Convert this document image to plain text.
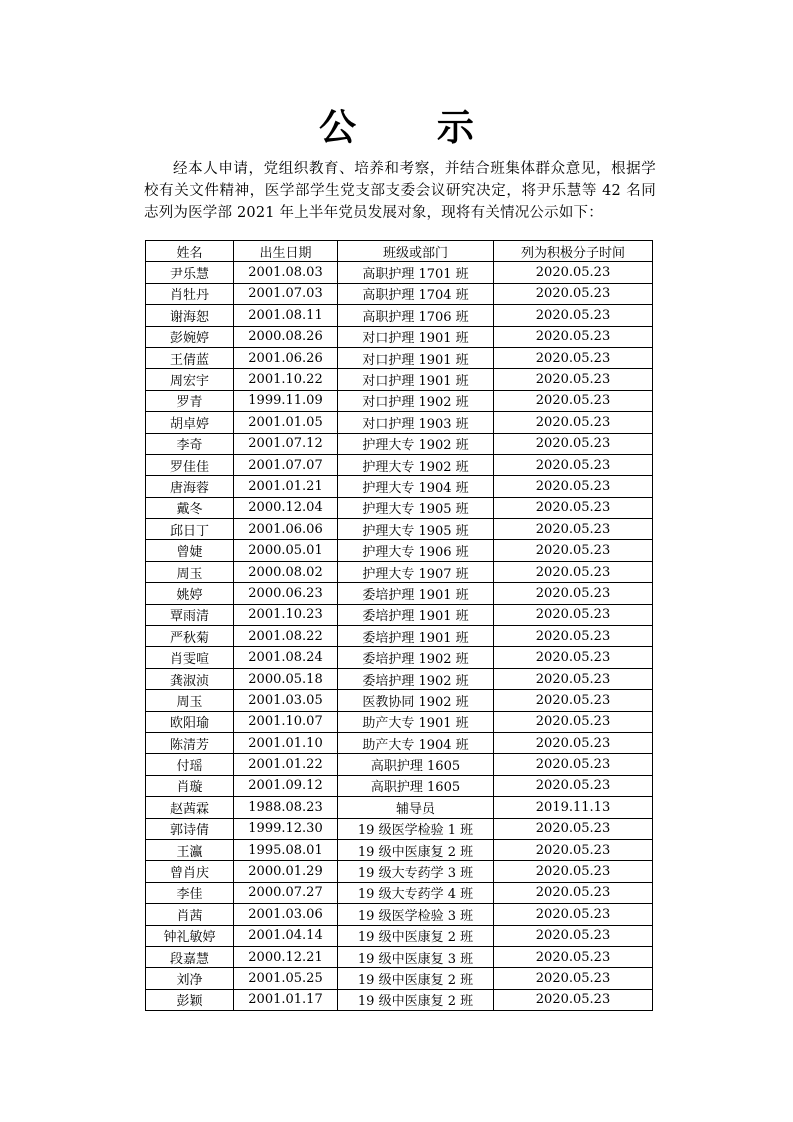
公 示
经本人申请，党组织教育、培养和考察，并结合班集体群众意见，根据学校有关文件精神，医学部学生党支部支委会议研究决定，将尹乐慧等 42 名同志列为医学部 2021 年上半年党员发展对象，现将有关情况公示如下：
姓名	出生日期	班级或部门	列为积极分子时间
尹乐慧	2001.08.03	高职护理 1701 班	2020.05.23
肖牡丹	2001.07.03	高职护理 1704 班	2020.05.23
谢海恕	2001.08.11	高职护理 1706 班	2020.05.23
彭婉婷	2000.08.26	对口护理 1901 班	2020.05.23
王倩蓝	2001.06.26	对口护理 1901 班	2020.05.23
周宏宇	2001.10.22	对口护理 1901 班	2020.05.23
罗青	1999.11.09	对口护理 1902 班	2020.05.23
胡卓婷	2001.01.05	对口护理 1903 班	2020.05.23
李奇	2001.07.12	护理大专 1902 班	2020.05.23
罗佳佳	2001.07.07	护理大专 1902 班	2020.05.23
唐海蓉	2001.01.21	护理大专 1904 班	2020.05.23
戴冬	2000.12.04	护理大专 1905 班	2020.05.23
邱日丁	2001.06.06	护理大专 1905 班	2020.05.23
曾婕	2000.05.01	护理大专 1906 班	2020.05.23
周玉	2000.08.02	护理大专 1907 班	2020.05.23
姚婷	2000.06.23	委培护理 1901 班	2020.05.23
覃雨清	2001.10.23	委培护理 1901 班	2020.05.23
严秋菊	2001.08.22	委培护理 1901 班	2020.05.23
肖雯喧	2001.08.24	委培护理 1902 班	2020.05.23
龚淑浈	2000.05.18	委培护理 1902 班	2020.05.23
周玉	2001.03.05	医教协同 1902 班	2020.05.23
欧阳瑜	2001.10.07	助产大专 1901 班	2020.05.23
陈清芳	2001.01.10	助产大专 1904 班	2020.05.23
付瑶	2001.01.22	高职护理 1605	2020.05.23
肖璇	2001.09.12	高职护理 1605	2020.05.23
赵茜霖	1988.08.23	辅导员	2019.11.13
郭诗倩	1999.12.30	19 级医学检验 1 班	2020.05.23
王瀛	1995.08.01	19 级中医康复 2 班	2020.05.23
曾肖庆	2000.01.29	19 级大专药学 3 班	2020.05.23
李佳	2000.07.27	19 级大专药学 4 班	2020.05.23
肖茜	2001.03.06	19 级医学检验 3 班	2020.05.23
钟礼敏婷	2001.04.14	19 级中医康复 2 班	2020.05.23
段嘉慧	2000.12.21	19 级中医康复 3 班	2020.05.23
刘净	2001.05.25	19 级中医康复 2 班	2020.05.23
彭颖	2001.01.17	19 级中医康复 2 班	2020.05.23
